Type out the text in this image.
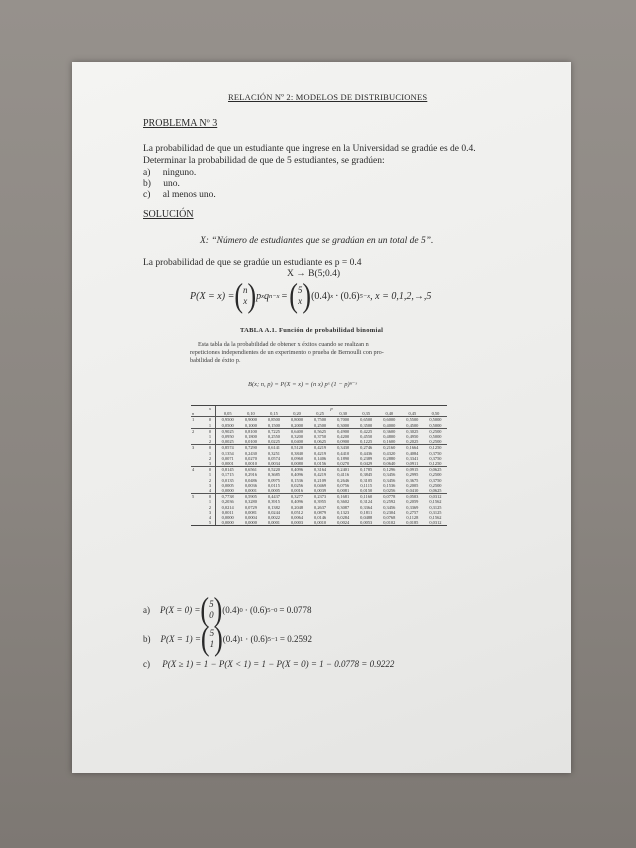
RELACIÓN Nº 2: MODELOS DE DISTRIBUCIONES
PROBLEMA Nº 3
La probabilidad de que un estudiante que ingrese en la Universidad se gradúe es de 0.4.
Determinar la probabilidad de que de 5 estudiantes, se gradúen:
a) ninguno.
b) uno.
c) al menos uno.
SOLUCIÓN
X: “Número de estudiantes que se gradúan en un total de 5”.
La probabilidad de que se gradúe un estudiante es p = 0.4
X → B(5;0.4)
P(X = x) = ( n
x ) p x q n−x = ( 5
x ) (0.4) x · (0.6) 5−x , x = 0,1,2,→,5
TABLA A.1. Función de probabilidad binomial
Esta tabla da la probabilidad de obtener x éxitos cuando se realizan n
repeticiones independientes de un experimento o prueba de Bernoulli con pro-
babilidad de éxito p.
B(x; n, p) = P(X = x) = (n x) pˣ (1 − p)ⁿ⁻ˣ
	x	p									
n		0,05	0,10	0,15	0,20	0,25	0,30	0,35	0,40	0,45	0,50
1	0	0,9500	0,9000	0,8500	0,8000	0,7500	0,7000	0,6500	0,6000	0,5500	0,5000
	1	0,0500	0,1000	0,1500	0,2000	0,2500	0,3000	0,3500	0,4000	0,4500	0,5000
2	0	0,9025	0,8100	0,7225	0,6400	0,5625	0,4900	0,4225	0,3600	0,3025	0,2500
	1	0,0950	0,1800	0,2550	0,3200	0,3750	0,4200	0,4550	0,4800	0,4950	0,5000
	2	0,0025	0,0100	0,0225	0,0400	0,0625	0,0900	0,1225	0,1600	0,2025	0,2500
3	0	0,8574	0,7290	0,6141	0,5120	0,4219	0,3430	0,2746	0,2160	0,1664	0,1250
	1	0,1354	0,2430	0,3251	0,3840	0,4219	0,4410	0,4436	0,4320	0,4084	0,3750
	2	0,0071	0,0270	0,0574	0,0960	0,1406	0,1890	0,2389	0,2880	0,3341	0,3750
	3	0,0001	0,0010	0,0034	0,0080	0,0156	0,0270	0,0429	0,0640	0,0911	0,1250
4	0	0,8145	0,6561	0,5220	0,4096	0,3164	0,2401	0,1785	0,1296	0,0915	0,0625
	1	0,1715	0,2916	0,3685	0,4096	0,4219	0,4116	0,3845	0,3456	0,2995	0,2500
	2	0,0135	0,0486	0,0975	0,1536	0,2109	0,2646	0,3105	0,3456	0,3675	0,3750
	3	0,0005	0,0036	0,0115	0,0256	0,0469	0,0756	0,1115	0,1536	0,2005	0,2500
	4	0,0000	0,0001	0,0005	0,0016	0,0039	0,0081	0,0150	0,0256	0,0410	0,0625
5	0	0,7738	0,5905	0,4437	0,3277	0,2373	0,1681	0,1160	0,0778	0,0503	0,0312
	1	0,2036	0,3280	0,3915	0,4096	0,3955	0,3602	0,3124	0,2592	0,2059	0,1562
	2	0,0214	0,0729	0,1382	0,2048	0,2637	0,3087	0,3364	0,3456	0,3369	0,3125
	3	0,0011	0,0081	0,0244	0,0512	0,0879	0,1323	0,1811	0,2304	0,2757	0,3125
	4	0,0000	0,0004	0,0022	0,0064	0,0146	0,0284	0,0488	0,0768	0,1128	0,1562
	5	0,0000	0,0000	0,0001	0,0003	0,0010	0,0024	0,0053	0,0102	0,0185	0,0312
a) P(X = 0) = ( 5
0 ) (0.4) 0 · (0.6) 5−0 = 0.0778
b) P(X = 1) = ( 5
1 ) (0.4) 1 · (0.6) 5−1 = 0.2592
c) P(X ≥ 1) = 1 − P(X < 1) = 1 − P(X = 0) = 1 − 0.0778 = 0.9222
